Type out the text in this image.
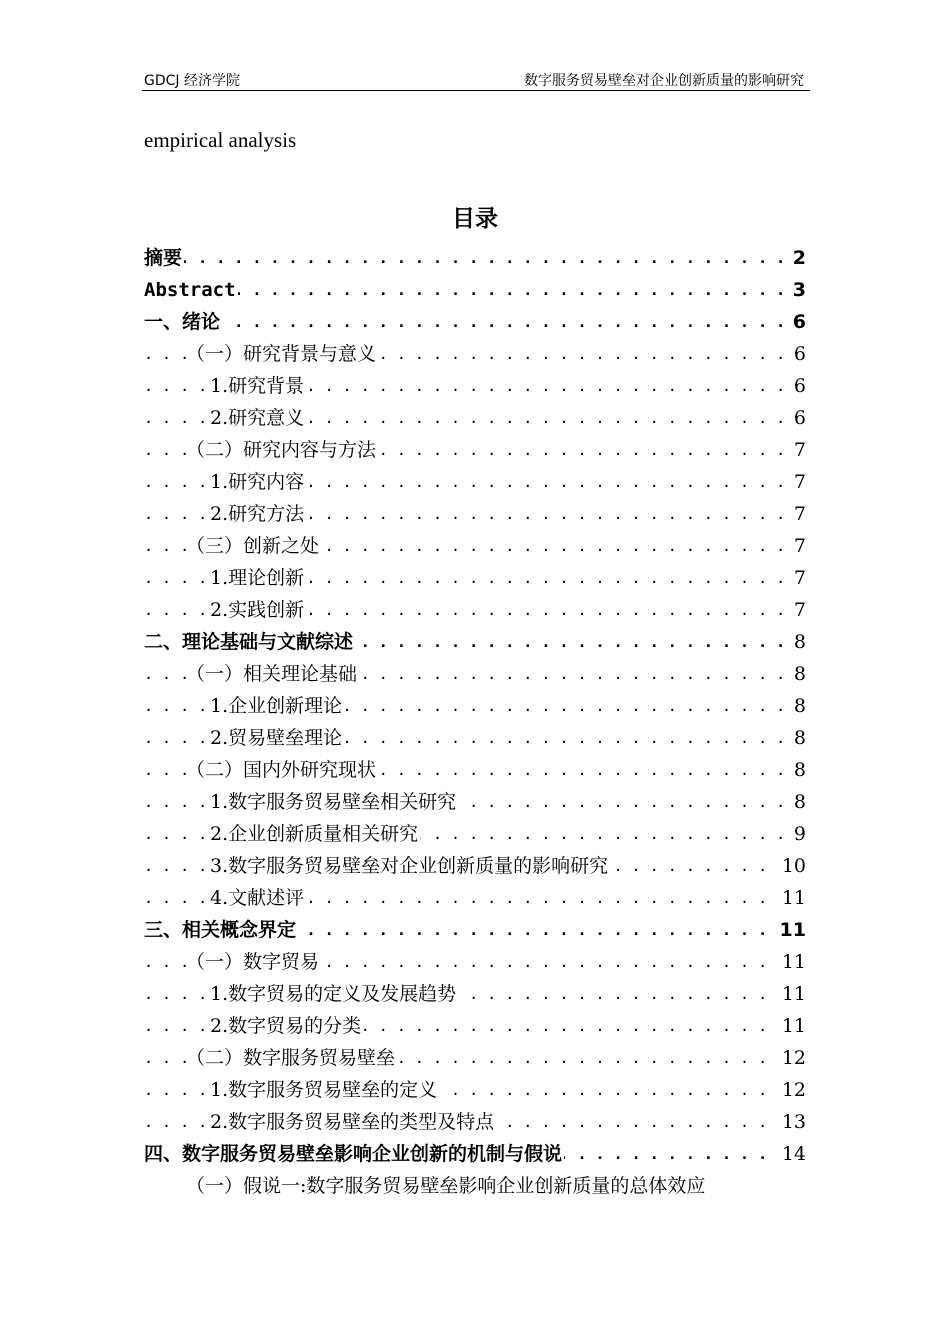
GDCJ 经济学院	数字服务贸易壁垒对企业创新质量的影响研究
empirical analysis
目录
摘要	2
. . .
Abstract	3
. . .
一、绪论	6
. . .
（一）研究背景与意义	6
. . .
1.研究背景	6
. . .
2.研究意义	6
. . .
（二）研究内容与方法	7
. . .
1.研究内容	7
. . .
2.研究方法	7
. . .
（三）创新之处	7
. . .
1.理论创新	7
. . .
2.实践创新	7
. . .
二、理论基础与文献综述	8
. . .
（一）相关理论基础	8
. . .
1.企业创新理论	8
. . .
2.贸易壁垒理论	8
. . .
（二）国内外研究现状	8
. . .
1.数字服务贸易壁垒相关研究	8
. . .
2.企业创新质量相关研究	9
. . .
3.数字服务贸易壁垒对企业创新质量的影响研究	10
. . .
4.文献述评	11
. . .
三、相关概念界定	11
. . .
（一）数字贸易	11
. . .
1.数字贸易的定义及发展趋势	11
. . .
2.数字贸易的分类	11
. . .
（二）数字服务贸易壁垒	12
. . .
1.数字服务贸易壁垒的定义	12
. . .
2.数字服务贸易壁垒的类型及特点	13
. . .
四、数字服务贸易壁垒影响企业创新的机制与假说	14
. . .
（一）假说一:数字服务贸易壁垒影响企业创新质量的总体效应
